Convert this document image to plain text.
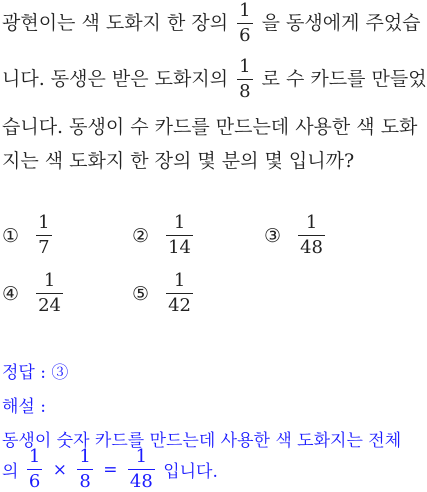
광현이는 색 도화지 한 장의 $\frac{1}{6}$ 을 동생에게 주었습
니다. 동생은 받은 도화지의 $\frac{1}{8}$ 로 수 카드를 만들었
습니다. 동생이 수 카드를 만드는데 사용한 색 도화
지는 색 도화지 한 장의 몇 분의 몇 입니까?
① $\frac{1}{7}$	② $\frac{1}{14}$	③ $\frac{1}{48}$
④ $\frac{1}{24}$	⑤ $\frac{1}{42}$
정답 : ③
해설 :
동생이 숫자 카드를 만드는데 사용한 색 도화지는 전체
의 $\frac{1}{6} \times \frac{1}{8} = \frac{1}{48}$ 입니다.
